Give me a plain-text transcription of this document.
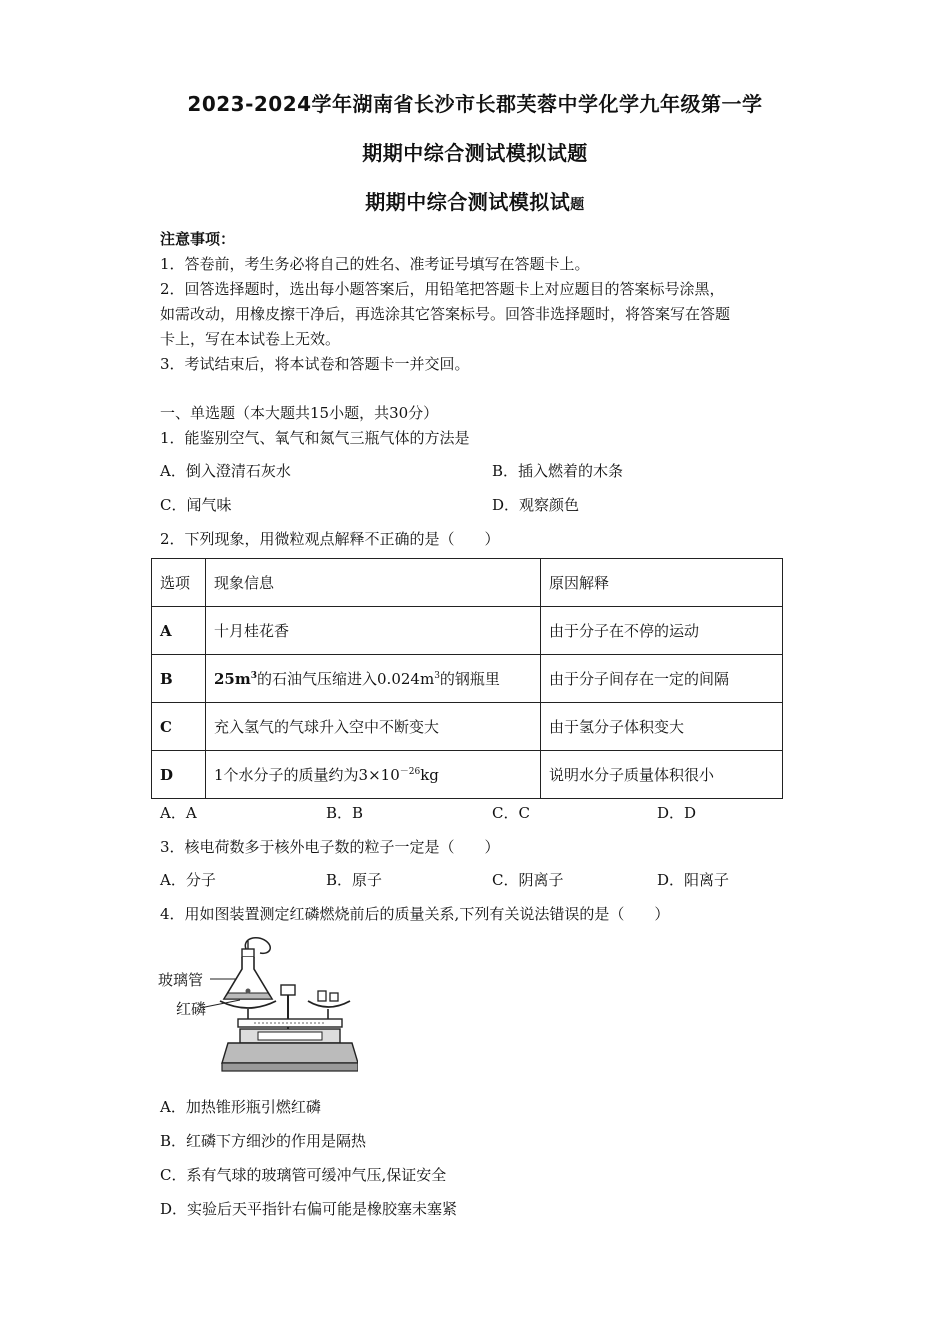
2023-2024学年湖南省长沙市长郡芙蓉中学化学九年级第一学
期期中综合测试模拟试题
期期中综合测试模拟试题
注意事项：
1．答卷前，考生务必将自己的姓名、准考证号填写在答题卡上。
2．回答选择题时，选出每小题答案后，用铅笔把答题卡上对应题目的答案标号涂黑，
如需改动，用橡皮擦干净后，再选涂其它答案标号。回答非选择题时，将答案写在答题
卡上，写在本试卷上无效。
3．考试结束后，将本试卷和答题卡一并交回。
一、单选题（本大题共15小题，共30分）
1．能鉴别空气、氧气和氮气三瓶气体的方法是
A．倒入澄清石灰水	B．插入燃着的木条
C．闻气味	D．观察颜色
2．下列现象，用微粒观点解释不正确的是（　　）
选项	现象信息	原因解释
A	十月桂花香	由于分子在不停的运动
B	$25m^3$的石油气压缩进入$0.024m^3$的钢瓶里	由于分子间存在一定的间隔
C	充入氢气的气球升入空中不断变大	由于氢分子体积变大
D	1个水分子的质量约为$3\times 10^{-26}kg$	说明水分子质量体积很小
A．A	B．B	C．C	D．D
3．核电荷数多于核外电子数的粒子一定是（　　）
A．分子	B．原子	C．阴离子	D．阳离子
4．用如图装置测定红磷燃烧前后的质量关系,下列有关说法错误的是（　　）
玻璃管
红磷
A．加热锥形瓶引燃红磷
B．红磷下方细沙的作用是隔热
C．系有气球的玻璃管可缓冲气压,保证安全
D．实验后天平指针右偏可能是橡胶塞未塞紧
